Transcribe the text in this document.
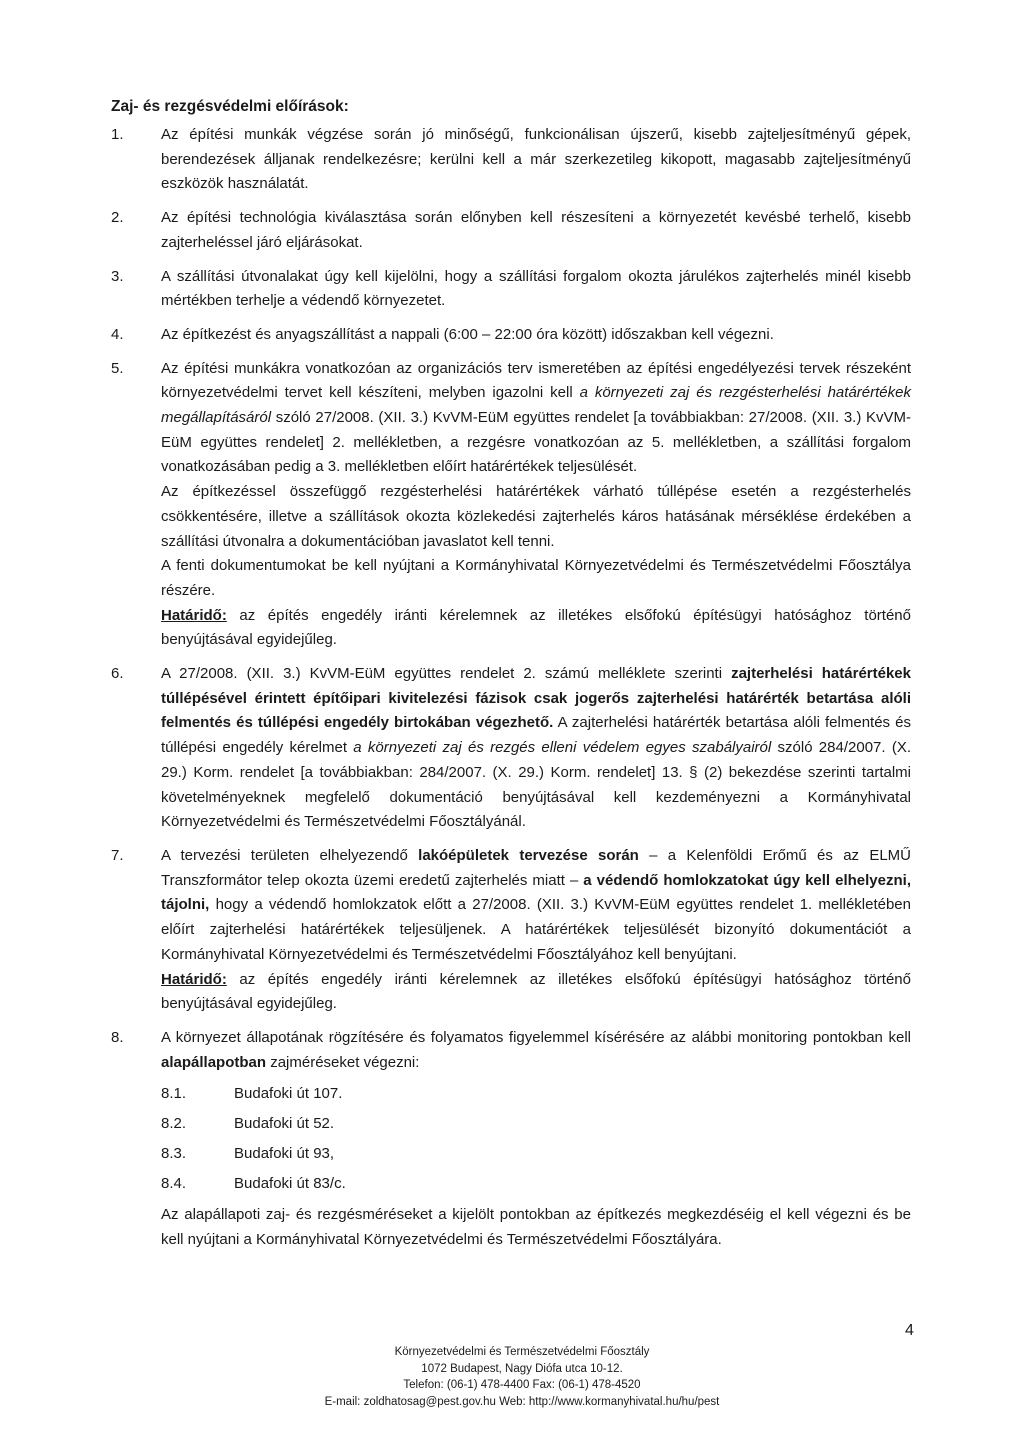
Zaj- és rezgésvédelmi előírások:
1. Az építési munkák végzése során jó minőségű, funkcionálisan újszerű, kisebb zajteljesítményű gépek, berendezések álljanak rendelkezésre; kerülni kell a már szerkezetileg kikopott, magasabb zajteljesítményű eszközök használatát.
2. Az építési technológia kiválasztása során előnyben kell részesíteni a környezetét kevésbé terhelő, kisebb zajterheléssel járó eljárásokat.
3. A szállítási útvonalakat úgy kell kijelölni, hogy a szállítási forgalom okozta járulékos zajterhelés minél kisebb mértékben terhelje a védendő környezetet.
4. Az építkezést és anyagszállítást a nappali (6:00 – 22:00 óra között) időszakban kell végezni.
5. Az építési munkákra vonatkozóan az organizációs terv ismeretében az építési engedélyezési tervek részeként környezetvédelmi tervet kell készíteni, melyben igazolni kell a környezeti zaj és rezgésterhelési határértékek megállapításáról szóló 27/2008. (XII. 3.) KvVM-EüM együttes rendelet [a továbbiakban: 27/2008. (XII. 3.) KvVM-EüM együttes rendelet] 2. mellékletben, a rezgésre vonatkozóan az 5. mellékletben, a szállítási forgalom vonatkozásában pedig a 3. mellékletben előírt határértékek teljesülését.

Az építkezéssel összefüggő rezgésterhelési határértékek várható túllépése esetén a rezgésterhelés csökkentésére, illetve a szállítások okozta közlekedési zajterhelés káros hatásának mérséklése érdekében a szállítási útvonalra a dokumentációban javaslatot kell tenni.

A fenti dokumentumokat be kell nyújtani a Kormányhivatal Környezetvédelmi és Természetvédelmi Főosztálya részére.

Határidő: az építés engedély iránti kérelemnek az illetékes elsőfokú építésügyi hatósághoz történő benyújtásával egyidejűleg.

6. A 27/2008. (XII. 3.) KvVM-EüM együttes rendelet 2. számú melléklete szerinti zajterhelési határértékek túllépésével érintett építőipari kivitelezési fázisok csak jogerős zajterhelési határérték betartása alóli felmentés és túllépési engedély birtokában végezhető. A zajterhelési határérték betartása alóli felmentés és túllépési engedély kérelmet a környezeti zaj és rezgés elleni védelem egyes szabályairól szóló 284/2007. (X. 29.) Korm. rendelet [a továbbiakban: 284/2007. (X. 29.) Korm. rendelet] 13. § (2) bekezdése szerinti tartalmi követelményeknek megfelelő dokumentáció benyújtásával kell kezdeményezni a Kormányhivatal Környezetvédelmi és Természetvédelmi Főosztályánál.

7. A tervezési területen elhelyezendő lakóépületek tervezése során – a Kelenföldi Erőmű és az ELMŰ Transzformátor telep okozta üzemi eredetű zajterhelés miatt – a védendő homlokzatokat úgy kell elhelyezni, tájolni, hogy a védendő homlokzatok előtt a 27/2008. (XII. 3.) KvVM-EüM együttes rendelet 1. mellékletében előírt zajterhelési határértékek teljesüljenek. A határértékek teljesülését bizonyító dokumentációt a Kormányhivatal Környezetvédelmi és Természetvédelmi Főosztályához kell benyújtani.

Határidő: az építés engedély iránti kérelemnek az illetékes elsőfokú építésügyi hatósághoz történő benyújtásával egyidejűleg.

8. A környezet állapotának rögzítésére és folyamatos figyelemmel kísérésére az alábbi monitoring pontokban kell alapállapotban zajméréseket végezni:

8.1.	Budafoki út 107.
8.2.	Budafoki út 52.
8.3.	Budafoki út 93,
8.4.	Budafoki út 83/c.

Az alapállapoti zaj- és rezgésméréseket a kijelölt pontokban az építkezés megkezdéséig el kell végezni és be kell nyújtani a Kormányhivatal Környezetvédelmi és Természetvédelmi Főosztályára.

4
Környezetvédelmi és Természetvédelmi Főosztály
1072 Budapest, Nagy Diófa utca 10-12.
Telefon: (06-1) 478-4400 Fax: (06-1) 478-4520
E-mail: zoldhatosag@pest.gov.hu Web: http://www.kormanyhivatal.hu/hu/pest
